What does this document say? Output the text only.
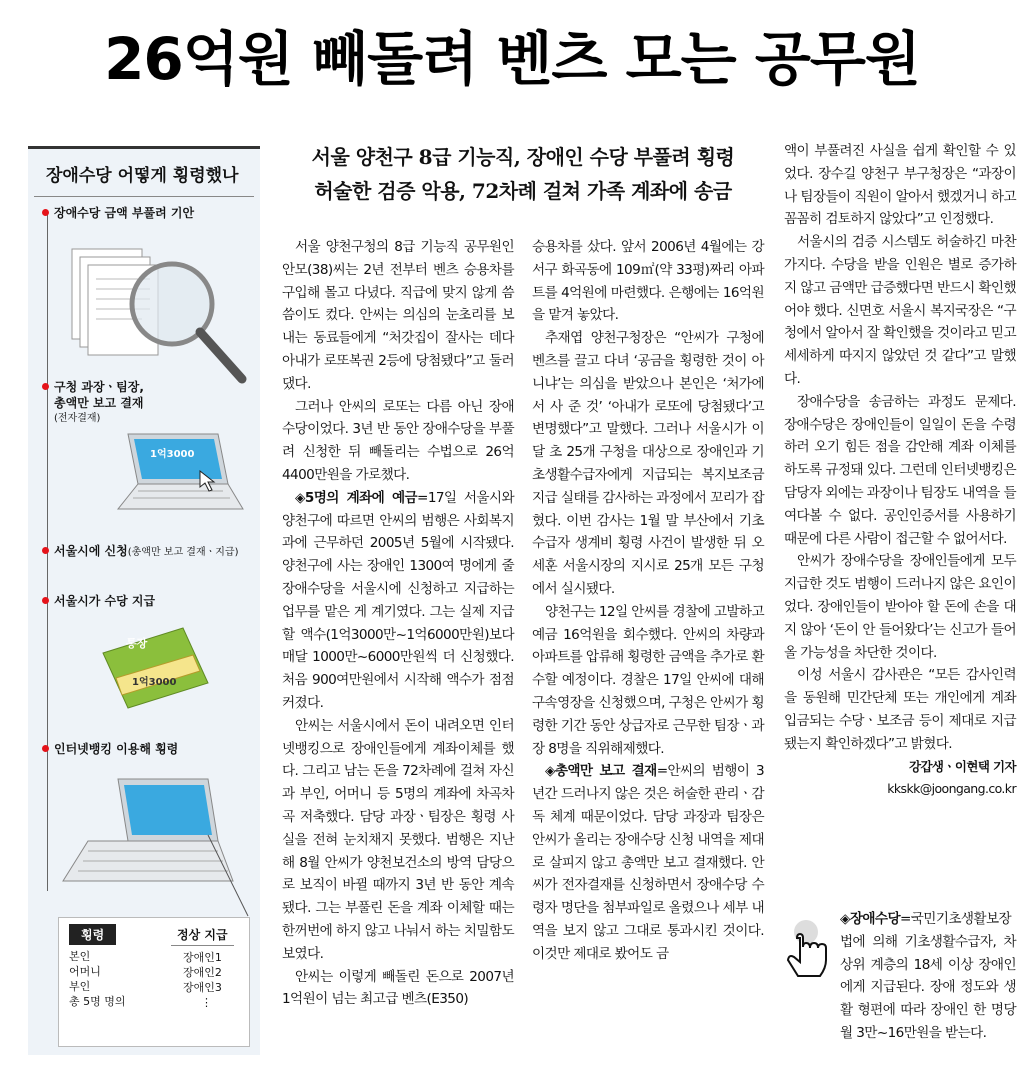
26억원 빼돌려 벤츠 모는 공무원
장애수당 어떻게 횡령했나
장애수당 금액 부풀려 기안
구청 과장ㆍ팀장,
총액만 보고 결재
(전자결재)
1억3000
서울시에 신청(총액만 보고 결재ㆍ지급)
서울시가 수당 지급
통장
1억3000
인터넷뱅킹 이용해 횡령
횡령
본인
어머니
부인
총 5명 명의
정상 지급
장애인1
장애인2
장애인3
⋮
서울 양천구 8급 기능직, 장애인 수당 부풀려 횡령
허술한 검증 악용, 72차례 걸쳐 가족 계좌에 송금

서울 양천구청의 8급 기능직 공무원인 안모(38)씨는 2년 전부터 벤츠 승용차를 구입해 몰고 다녔다. 직급에 맞지 않게 씀씀이도 컸다. 안씨는 의심의 눈초리를 보내는 동료들에게 “처갓집이 잘사는 데다 아내가 로또복권 2등에 당첨됐다”고 둘러댔다.

그러나 안씨의 로또는 다름 아닌 장애수당이었다. 3년 반 동안 장애수당을 부풀려 신청한 뒤 빼돌리는 수법으로 26억4400만원을 가로챘다.

◈5명의 계좌에 예금=17일 서울시와 양천구에 따르면 안씨의 범행은 사회복지과에 근무하던 2005년 5월에 시작됐다. 양천구에 사는 장애인 1300여 명에게 줄 장애수당을 서울시에 신청하고 지급하는 업무를 맡은 게 계기였다. 그는 실제 지급할 액수(1억3000만~1억6000만원)보다 매달 1000만~6000만원씩 더 신청했다. 처음 900여만원에서 시작해 액수가 점점 커졌다.

안씨는 서울시에서 돈이 내려오면 인터넷뱅킹으로 장애인들에게 계좌이체를 했다. 그리고 남는 돈을 72차례에 걸쳐 자신과 부인, 어머니 등 5명의 계좌에 차곡차곡 저축했다. 담당 과장ㆍ팀장은 횡령 사실을 전혀 눈치채지 못했다. 범행은 지난해 8월 안씨가 양천보건소의 방역 담당으로 보직이 바뀔 때까지 3년 반 동안 계속됐다. 그는 부풀린 돈을 계좌 이체할 때는 한꺼번에 하지 않고 나눠서 하는 치밀함도 보였다.

안씨는 이렇게 빼돌린 돈으로 2007년 1억원이 넘는 최고급 벤츠(E350)

승용차를 샀다. 앞서 2006년 4월에는 강서구 화곡동에 109㎡(약 33평)짜리 아파트를 4억원에 마련했다. 은행에는 16억원을 맡겨 놓았다.

추재엽 양천구청장은 “안씨가 구청에 벤츠를 끌고 다녀 ‘공금을 횡령한 것이 아니냐’는 의심을 받았으나 본인은 ‘처가에서 사 준 것’ ‘아내가 로또에 당첨됐다’고 변명했다”고 말했다. 그러나 서울시가 이달 초 25개 구청을 대상으로 장애인과 기초생활수급자에게 지급되는 복지보조금 지급 실태를 감사하는 과정에서 꼬리가 잡혔다. 이번 감사는 1월 말 부산에서 기초수급자 생계비 횡령 사건이 발생한 뒤 오세훈 서울시장의 지시로 25개 모든 구청에서 실시됐다.

양천구는 12일 안씨를 경찰에 고발하고 예금 16억원을 회수했다. 안씨의 차량과 아파트를 압류해 횡령한 금액을 추가로 환수할 예정이다. 경찰은 17일 안씨에 대해 구속영장을 신청했으며, 구청은 안씨가 횡령한 기간 동안 상급자로 근무한 팀장ㆍ과장 8명을 직위해제했다.

◈총액만 보고 결재=안씨의 범행이 3년간 드러나지 않은 것은 허술한 관리ㆍ감독 체계 때문이었다. 담당 과장과 팀장은 안씨가 올리는 장애수당 신청 내역을 제대로 살피지 않고 총액만 보고 결재했다. 안씨가 전자결재를 신청하면서 장애수당 수령자 명단을 첨부파일로 올렸으나 세부 내역을 보지 않고 그대로 통과시킨 것이다. 이것만 제대로 봤어도 금

액이 부풀려진 사실을 쉽게 확인할 수 있었다. 장수길 양천구 부구청장은 “과장이나 팀장들이 직원이 알아서 했겠거니 하고 꼼꼼히 검토하지 않았다”고 인정했다.

서울시의 검증 시스템도 허술하긴 마찬가지다. 수당을 받을 인원은 별로 증가하지 않고 금액만 급증했다면 반드시 확인했어야 했다. 신면호 서울시 복지국장은 “구청에서 알아서 잘 확인했을 것이라고 믿고 세세하게 따지지 않았던 것 같다”고 말했다.

장애수당을 송금하는 과정도 문제다. 장애수당은 장애인들이 일일이 돈을 수령하러 오기 힘든 점을 감안해 계좌 이체를 하도록 규정돼 있다. 그런데 인터넷뱅킹은 담당자 외에는 과장이나 팀장도 내역을 들여다볼 수 없다. 공인인증서를 사용하기 때문에 다른 사람이 접근할 수 없어서다.

안씨가 장애수당을 장애인들에게 모두 지급한 것도 범행이 드러나지 않은 요인이었다. 장애인들이 받아야 할 돈에 손을 대지 않아 ‘돈이 안 들어왔다’는 신고가 들어올 가능성을 차단한 것이다.

이성 서울시 감사관은 “모든 감사인력을 동원해 민간단체 또는 개인에게 계좌 입금되는 수당ㆍ보조금 등이 제대로 지급됐는지 확인하겠다”고 밝혔다.

강갑생ㆍ이현택 기자
kkskk@joongang.co.kr
◈장애수당=국민기초생활보장법에 의해 기초생활수급자, 차상위 계층의 18세 이상 장애인에게 지급된다. 장애 정도와 생활 형편에 따라 장애인 한 명당 월 3만~16만원을 받는다.
